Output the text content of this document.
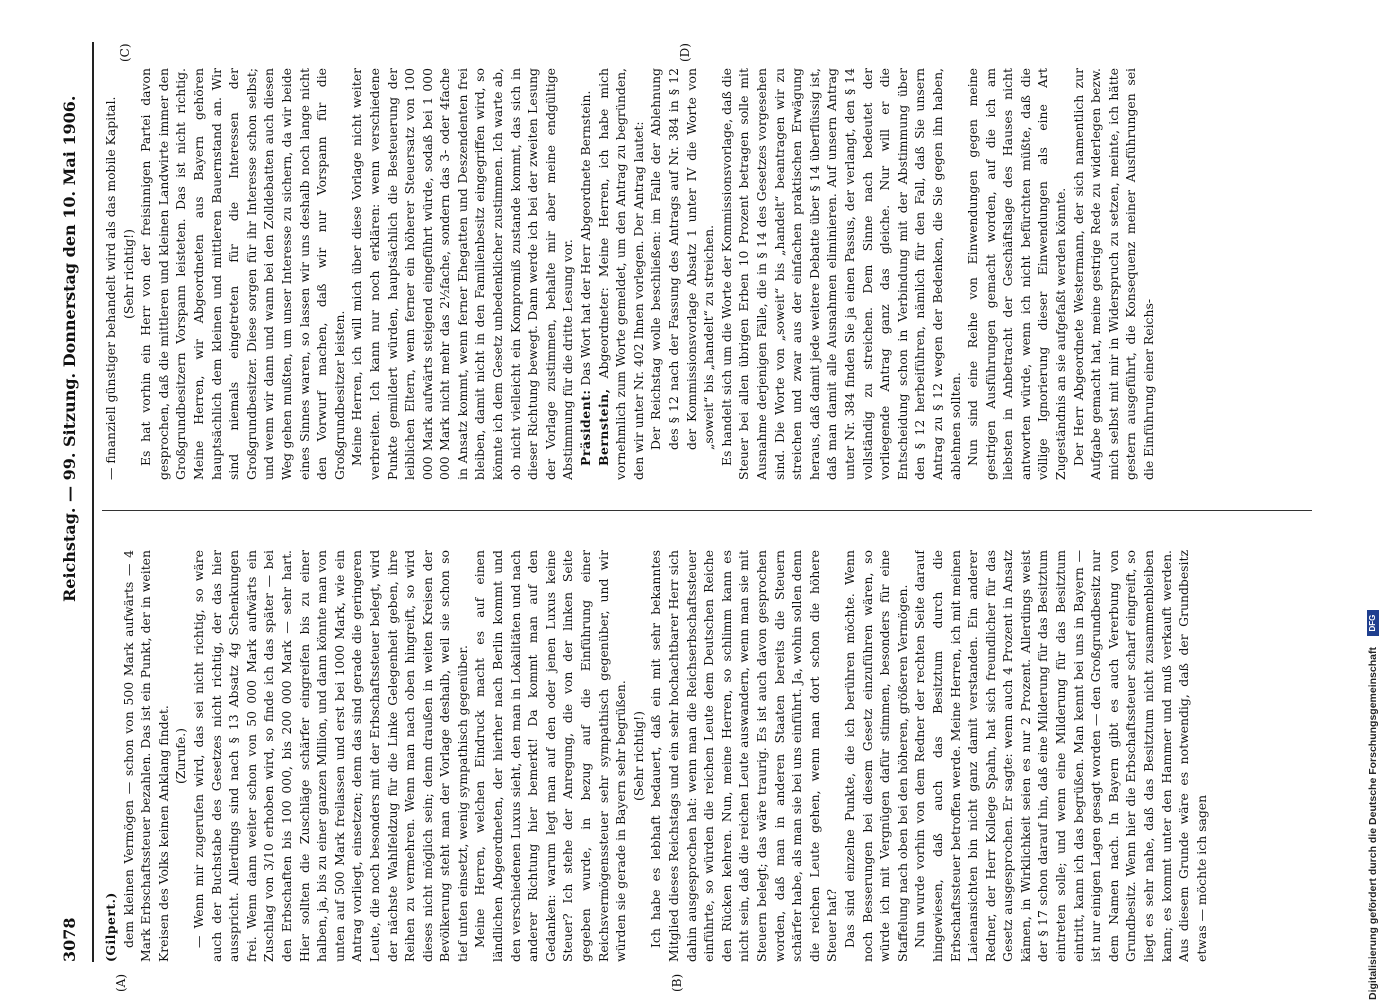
3078
Reichstag. — 99. Sitzung. Donnerstag den 10. Mai 1906.
(A)	(B)
(C)	(D)

(Gilpert.) dem kleinen Vermögen — schon von 500 Mark aufwärts — 4 Mark Erbschaftssteuer bezahlen. Das ist ein Punkt, der in weiten Kreisen des Volks keinen Anklang findet. (Zurufe.) — Wenn mir zugerufen wird, das sei nicht richtig, so wäre auch der Buchstabe des Gesetzes nicht richtig, der das hier ausspricht. Allerdings sind nach § 13 Absatz 4g Schenkungen frei. Wenn dann weiter schon von 50 000 Mark aufwärts ein Zuschlag von 3/10 erhoben wird, so finde ich das später — bei den Erbschaften bis 100 000, bis 200 000 Mark — sehr hart. Hier sollten die Zuschläge schärfer eingreifen bis zu einer halben, ja, bis zu einer ganzen Million, und dann könnte man von unten auf 500 Mark freilassen und erst bei 1000 Mark, wie ein Antrag vorliegt, einsetzen; denn das sind gerade die geringeren Leute, die noch besonders mit der Erbschaftssteuer belegt, wird der nächste Wahlfeldzug für die Linke Gelegenheit geben, ihre Reihen zu vermehren. Wenn man nach oben hingreift, so wird dieses nicht möglich sein; denn draußen in weiten Kreisen der Bevölkerung steht man der Vorlage deshalb, weil sie schon so tief unten einsetzt, wenig sympathisch gegenüber. Meine Herren, welchen Eindruck macht es auf einen ländlichen Abgeordneten, der hierher nach Berlin kommt und den verschiedenen Luxus sieht, den man in Lokalitäten und nach anderer Richtung hier bemerkt! Da kommt man auf den Gedanken: warum legt man auf den oder jenen Luxus keine Steuer? Ich stehe der Anregung, die von der linken Seite gegeben wurde, in bezug auf die Einführung einer Reichsvermögenssteuer sehr sympathisch gegenüber, und wir würden sie gerade in Bayern sehr begrüßen. (Sehr richtig!) Ich habe es lebhaft bedauert, daß ein mit sehr bekanntes Mitglied dieses Reichstags und ein sehr hochachtbarer Herr sich dahin ausgesprochen hat: wenn man die Reichserbschaftssteuer einführte, so würden die reichen Leute dem Deutschen Reiche den Rücken kehren. Nun, meine Herren, so schlimm kann es nicht sein, daß die reichen Leute auswandern, wenn man sie mit Steuern belegt; das wäre traurig. Es ist auch davon gesprochen worden, daß man in anderen Staaten bereits die Steuern schärfer habe, als man sie bei uns einführt. Ja, wohin sollen denn die reichen Leute gehen, wenn man dort schon die höhere Steuer hat? Das sind einzelne Punkte, die ich berühren möchte. Wenn noch Besserungen bei diesem Gesetz einzuführen wären, so würde ich mit Vergnügen dafür stimmen, besonders für eine Staffelung nach oben bei den höheren, größeren Vermögen. Nun wurde vorhin von dem Redner der rechten Seite darauf hingewiesen, daß auch das Besitztum durch die Erbschaftssteuer betroffen werde. Meine Herren, ich mit meinen Laienansichten bin nicht ganz damit verstanden. Ein anderer Redner, der Herr Kollege Spahn, hat sich freundlicher für das Gesetz ausgesprochen. Er sagte: wenn auch 4 Prozent in Ansatz kämen, in Wirklichkeit seien es nur 2 Prozent. Allerdings weist der § 17 schon darauf hin, daß eine Milderung für das Besitztum eintreten solle; und wenn eine Milderung für das Besitztum eintritt, kann ich das begrüßen. Man kennt bei uns in Bayern — ist nur einigen Lagen gesagt worden — den Großgrundbesitz nur dem Namen nach. In Bayern gibt es auch Vererbung von Grundbesitz. Wenn hier die Erbschaftssteuer scharf eingreift, so liegt es sehr nahe, daß das Besitztum nicht zusammenbleiben kann; es kommt unter den Hammer und muß verkauft werden. Aus diesem Grunde wäre es notwendig, daß der Grundbesitz etwas — möchte ich sagen

— finanziell günstiger behandelt wird als das mobile Kapital. (Sehr richtig!) Es hat vorhin ein Herr von der freisinnigen Partei davon gesprochen, daß die mittleren und kleinen Landwirte immer den Großgrundbesitzern Vorspann leisteten. Das ist nicht richtig. Meine Herren, wir Abgeordneten aus Bayern gehören hauptsächlich dem kleinen und mittleren Bauernstand an. Wir sind niemals eingetreten für die Interessen der Großgrundbesitzer. Diese sorgen für ihr Interesse schon selbst; und wenn wir dann und wann bei den Zolldebatten auch diesen Weg gehen mußten, um unser Interesse zu sichern, da wir beide eines Sinnes waren, so lassen wir uns deshalb noch lange nicht den Vorwurf machen, daß wir nur Vorspann für die Großgrundbesitzer leisten. Meine Herren, ich will mich über diese Vorlage nicht weiter verbreiten. Ich kann nur noch erklären: wenn verschiedene Punkte gemildert würden, hauptsächlich die Besteuerung der leiblichen Eltern, wenn ferner ein höherer Steuersatz von 100 000 Mark aufwärts steigend eingeführt würde, sodaß bei 1 000 000 Mark nicht mehr das 2½fache, sondern das 3- oder 4fache in Ansatz kommt, wenn ferner Ehegatten und Deszendenten frei bleiben, damit nicht in den Familienbesitz eingegriffen wird, so könnte ich dem Gesetz unbedenklicher zustimmen. Ich warte ab, ob nicht vielleicht ein Kompromiß zustande kommt, das sich in dieser Richtung bewegt. Dann werde ich bei der zweiten Lesung der Vorlage zustimmen, behalte mir aber meine endgültige Abstimmung für die dritte Lesung vor. Präsident: Das Wort hat der Herr Abgeordnete Bernstein.

Bernstein, Abgeordneter: Meine Herren, ich habe mich vornehmlich zum Worte gemeldet, um den Antrag zu begründen, den wir unter Nr. 402 Ihnen vorlegen. Der Antrag lautet: Der Reichstag wolle beschließen: im Falle der Ablehnung des § 12 nach der Fassung des Antrags auf Nr. 384 in § 12 der Kommissionsvorlage Absatz 1 unter IV die Worte von „soweit“ bis „handelt“ zu streichen. Es handelt sich um die Worte der Kommissionsvorlage, daß die Steuer bei allen übrigen Erben 10 Prozent betragen solle mit Ausnahme derjenigen Fälle, die in § 14 des Gesetzes vorgesehen sind. Die Worte von „soweit“ bis „handelt“ beantragen wir zu streichen und zwar aus der einfachen praktischen Erwägung heraus, daß damit jede weitere Debatte über § 14 überflüssig ist, daß man damit alle Ausnahmen eliminieren. Auf unsern Antrag unter Nr. 384 finden Sie ja einen Passus, der verlangt, den § 14 vollständig zu streichen. Dem Sinne nach bedeutet der vorliegende Antrag ganz das gleiche. Nur will er die Entscheidung schon in Verbindung mit der Abstimmung über den § 12 herbeiführen, nämlich für den Fall, daß Sie unsern Antrag zu § 12 wegen der Bedenken, die Sie gegen ihn haben, ablehnen sollten. Nun sind eine Reihe von Einwendungen gegen meine gestrigen Ausführungen gemacht worden, auf die ich am liebsten in Anbetracht der Geschäftslage des Hauses nicht antworten würde, wenn ich nicht befürchten müßte, daß die völlige Ignorierung dieser Einwendungen als eine Art Zugeständnis an sie aufgefaßt werden könnte. Der Herr Abgeordnete Westermann, der sich namentlich zur Aufgabe gemacht hat, meine gestrige Rede zu widerlegen bezw. mich selbst mit mir in Widerspruch zu setzen, meinte, ich hätte gestern ausgeführt, die Konsequenz meiner Ausführungen sei die Einführung einer Reichs-

Digitalisierung gefördert durch die Deutsche Forschungsgemeinschaft DFG
